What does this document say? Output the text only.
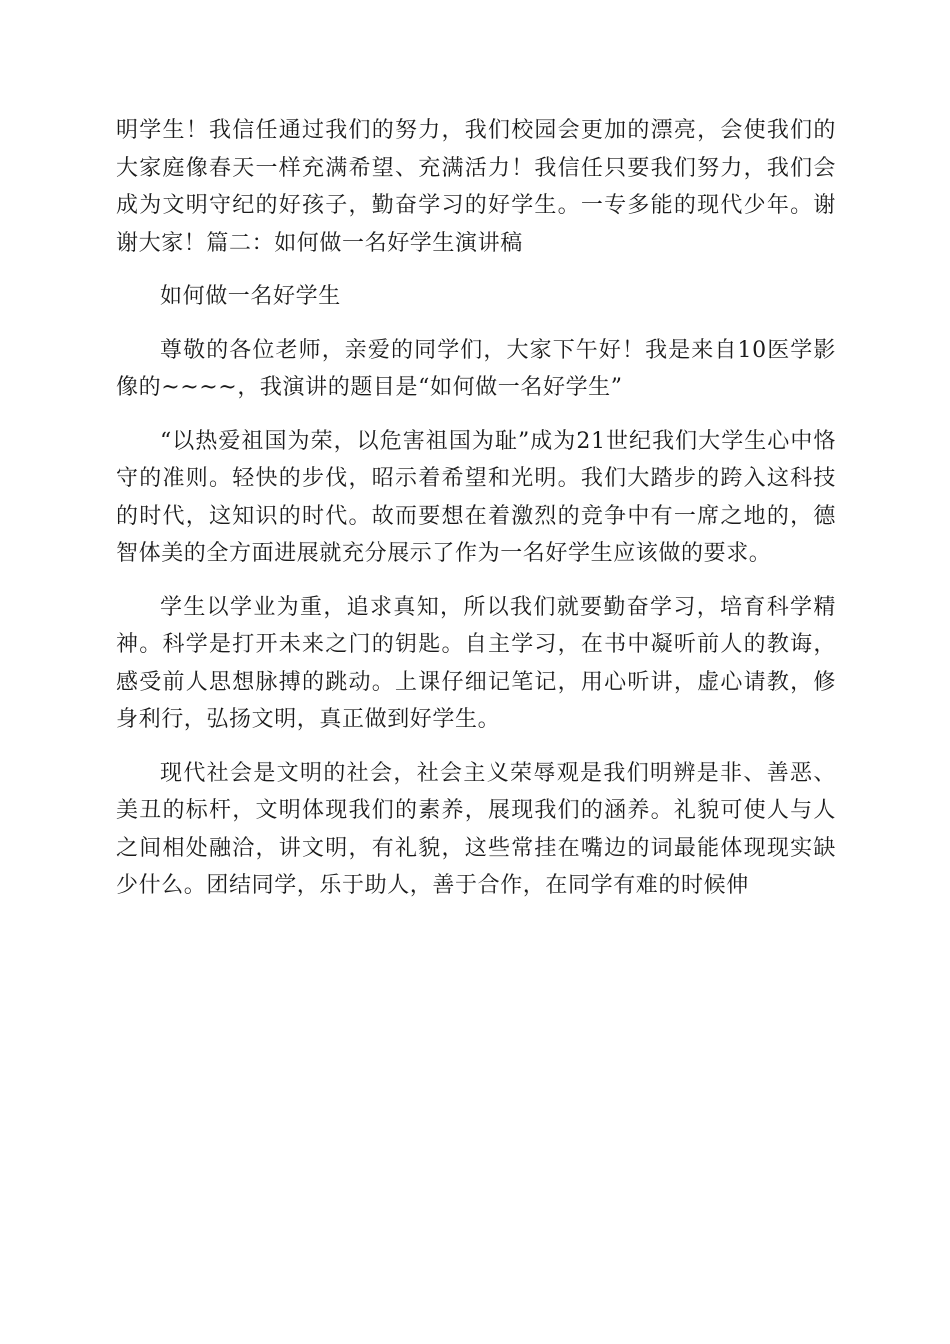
明学生！我信任通过我们的努力，我们校园会更加的漂亮，会使我们的大家庭像春天一样充满希望、充满活力！我信任只要我们努力，我们会成为文明守纪的好孩子，勤奋学习的好学生。一专多能的现代少年。谢谢大家！篇二：如何做一名好学生演讲稿

如何做一名好学生

尊敬的各位老师，亲爱的同学们，大家下午好！我是来自10医学影像的~~~~，我演讲的题目是“如何做一名好学生”

“以热爱祖国为荣，以危害祖国为耻”成为21世纪我们大学生心中恪守的准则。轻快的步伐，昭示着希望和光明。我们大踏步的跨入这科技的时代，这知识的时代。故而要想在着激烈的竞争中有一席之地的，德智体美的全方面进展就充分展示了作为一名好学生应该做的要求。

学生以学业为重，追求真知，所以我们就要勤奋学习，培育科学精神。科学是打开未来之门的钥匙。自主学习，在书中凝听前人的教诲，感受前人思想脉搏的跳动。上课仔细记笔记，用心听讲，虚心请教，修身利行，弘扬文明，真正做到好学生。

现代社会是文明的社会，社会主义荣辱观是我们明辨是非、善恶、美丑的标杆，文明体现我们的素养，展现我们的涵养。礼貌可使人与人之间相处融洽，讲文明，有礼貌，这些常挂在嘴边的词最能体现现实缺少什么。团结同学，乐于助人，善于合作，在同学有难的时候伸
